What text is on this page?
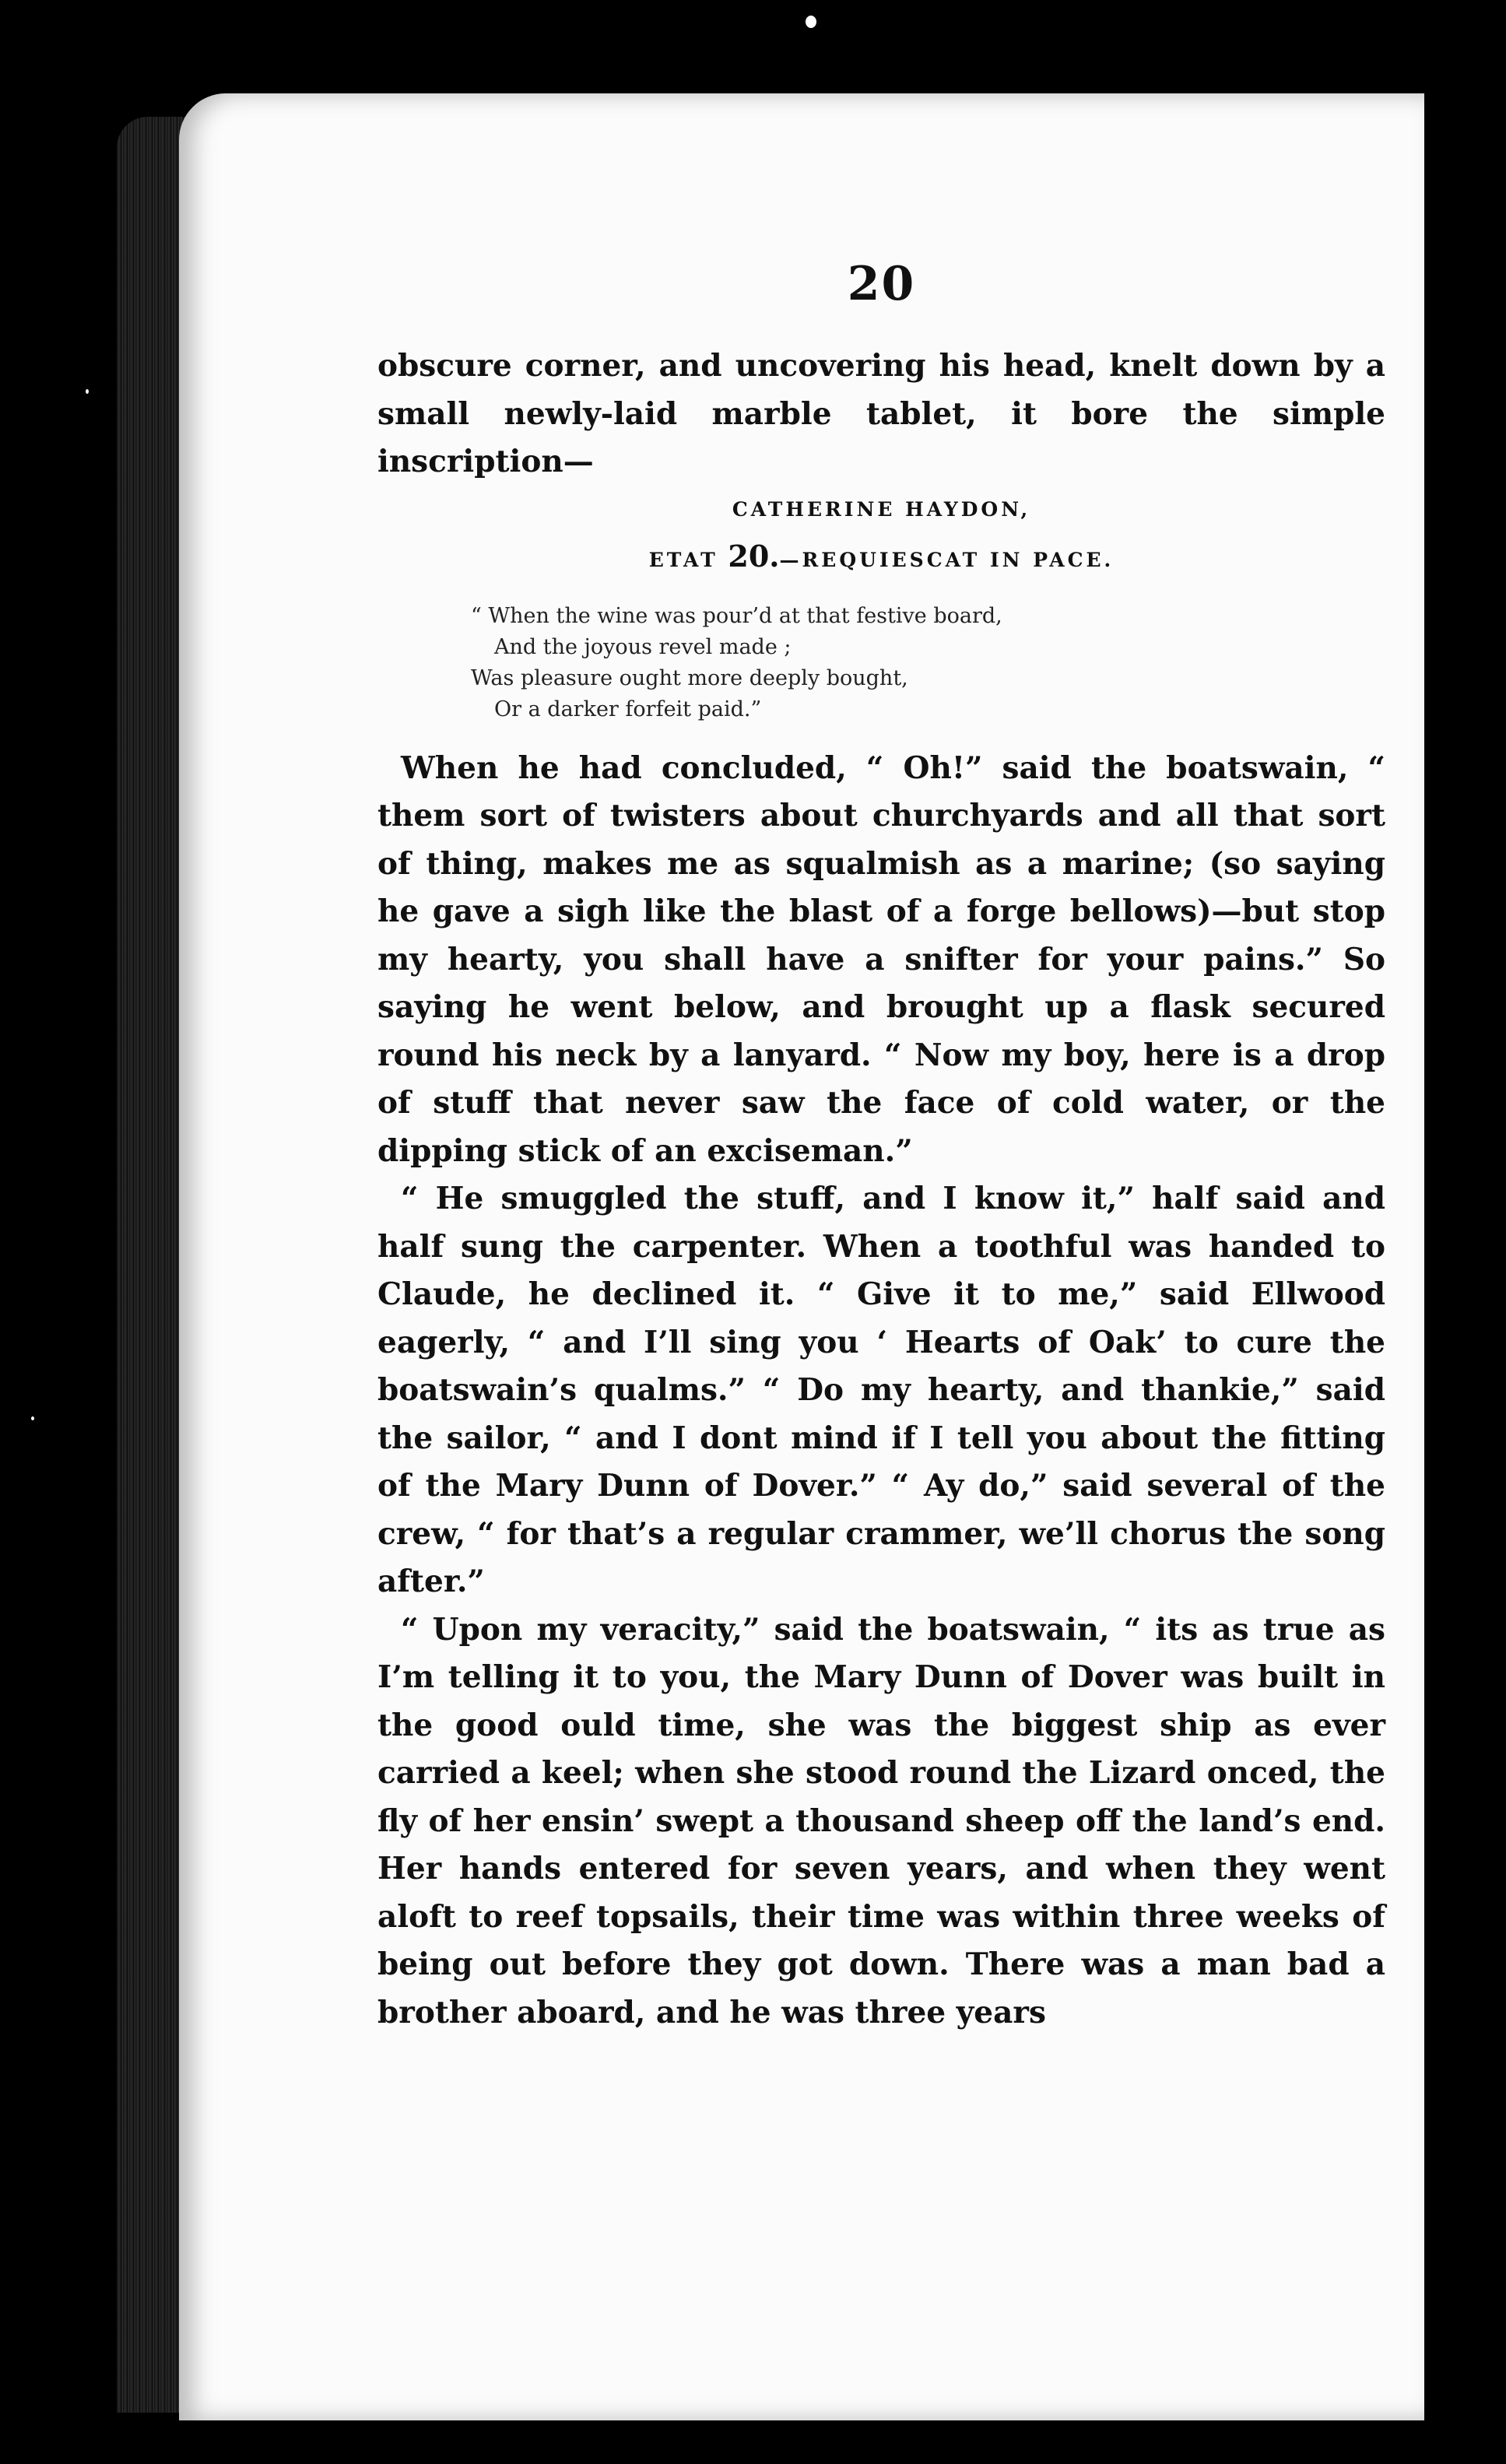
20

obscure corner, and uncovering his head, knelt down by a small newly-laid marble tablet, it bore the simple inscription—

CATHERINE HAYDON,

ETAT 20.—REQUIESCAT IN PACE.

“ When the wine was pour’d at that festive board,
And the joyous revel made ;
Was pleasure ought more deeply bought,
Or a darker forfeit paid.”

When he had concluded, “ Oh!” said the boatswain, “ them sort of twisters about churchyards and all that sort of thing, makes me as squalmish as a marine; (so saying he gave a sigh like the blast of a forge bellows)—but stop my hearty, you shall have a snifter for your pains.” So saying he went below, and brought up a flask secured round his neck by a lanyard. “ Now my boy, here is a drop of stuff that never saw the face of cold water, or the dipping stick of an exciseman.”

“ He smuggled the stuff, and I know it,” half said and half sung the carpenter. When a toothful was handed to Claude, he declined it. “ Give it to me,” said Ellwood eagerly, “ and I’ll sing you ‘ Hearts of Oak’ to cure the boatswain’s qualms.” “ Do my hearty, and thankie,” said the sailor, “ and I dont mind if I tell you about the fitting of the Mary Dunn of Dover.” “ Ay do,” said several of the crew, “ for that’s a regular crammer, we’ll chorus the song after.”

“ Upon my veracity,” said the boatswain, “ its as true as I’m telling it to you, the Mary Dunn of Dover was built in the good ould time, she was the biggest ship as ever carried a keel; when she stood round the Lizard onced, the fly of her ensin’ swept a thousand sheep off the land’s end. Her hands entered for seven years, and when they went aloft to reef topsails, their time was within three weeks of being out before they got down. There was a man bad a brother aboard, and he was three years
